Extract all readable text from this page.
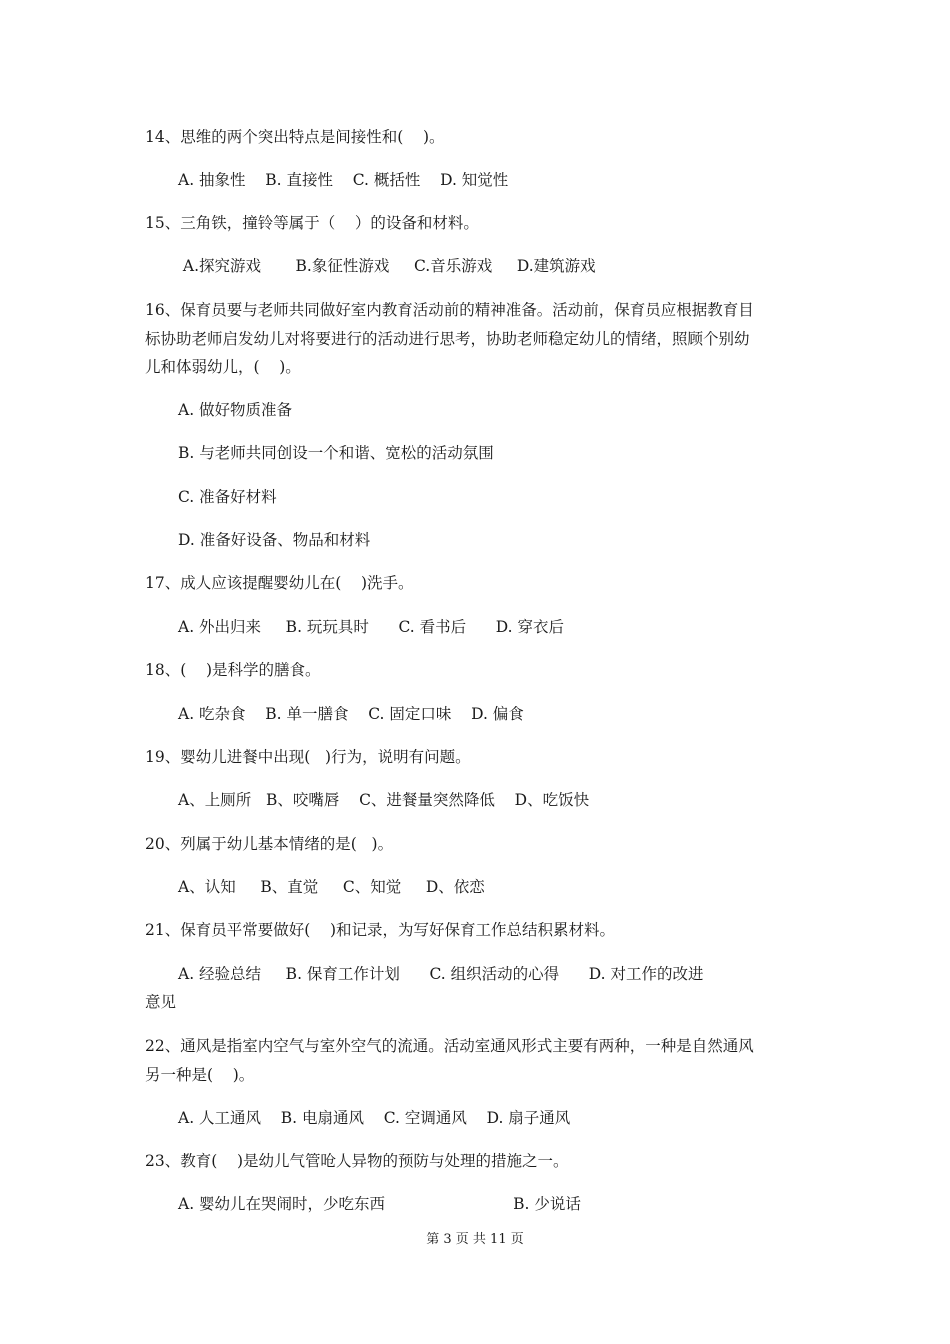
14、思维的两个突出特点是间接性和(    )。
A. 抽象性    B. 直接性    C. 概括性    D. 知觉性
15、三角铁，撞铃等属于（    ）的设备和材料。
A.探究游戏       B.象征性游戏     C.音乐游戏     D.建筑游戏
16、保育员要与老师共同做好室内教育活动前的精神准备。活动前，保育员应根据教育目
标协助老师启发幼儿对将要进行的活动进行思考，协助老师稳定幼儿的情绪，照顾个别幼
儿和体弱幼儿，(    )。
A. 做好物质准备
B. 与老师共同创设一个和谐、宽松的活动氛围
C. 准备好材料
D. 准备好设备、物品和材料
17、成人应该提醒婴幼儿在(    )洗手。
A. 外出归来     B. 玩玩具时      C. 看书后      D. 穿衣后
18、(    )是科学的膳食。
A. 吃杂食    B. 单一膳食    C. 固定口味    D. 偏食
19、婴幼儿进餐中出现(   )行为，说明有问题。
A、上厕所   B、咬嘴唇    C、进餐量突然降低    D、吃饭快
20、列属于幼儿基本情绪的是(   )。
A、认知     B、直觉     C、知觉     D、依恋
21、保育员平常要做好(    )和记录，为写好保育工作总结积累材料。
A. 经验总结     B. 保育工作计划      C. 组织活动的心得      D. 对工作的改进
意见
22、通风是指室内空气与室外空气的流通。活动室通风形式主要有两种，一种是自然通风
另一种是(    )。
A. 人工通风    B. 电扇通风    C. 空调通风    D. 扇子通风
23、教育(    )是幼儿气管呛人异物的预防与处理的措施之一。
A. 婴幼儿在哭闹时，少吃东西                          B. 少说话
第 3 页 共 11 页
